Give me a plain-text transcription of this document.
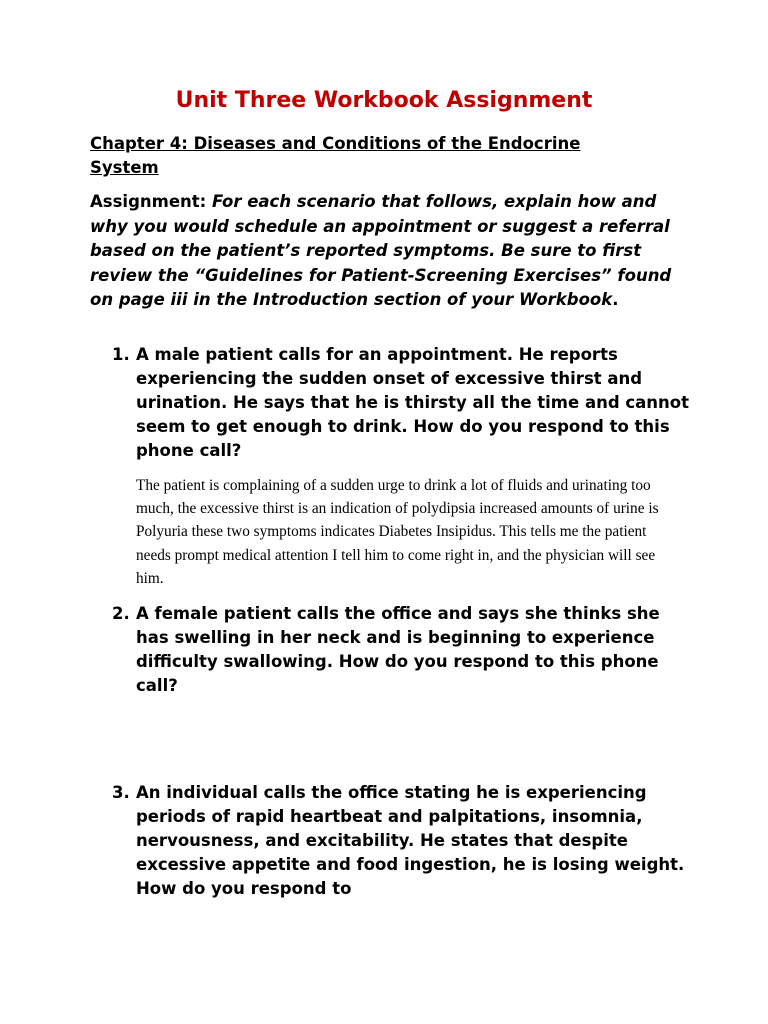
Unit Three Workbook Assignment

Chapter 4: Diseases and Conditions of the Endocrine System

Assignment: For each scenario that follows, explain how and why you would schedule an appointment or suggest a referral based on the patient’s reported symptoms. Be sure to first review the “Guidelines for Patient-Screening Exercises” found on page iii in the Introduction section of your Workbook.

1. A male patient calls for an appointment. He reports experiencing the sudden onset of excessive thirst and urination. He says that he is thirsty all the time and cannot seem to get enough to drink. How do you respond to this phone call?

The patient is complaining of a sudden urge to drink a lot of fluids and urinating too much, the excessive thirst is an indication of polydipsia increased amounts of urine is Polyuria these two symptoms indicates Diabetes Insipidus. This tells me the patient needs prompt medical attention I tell him to come right in, and the physician will see him.

2. A female patient calls the office and says she thinks she has swelling in her neck and is beginning to experience difficulty swallowing. How do you respond to this phone call?
3. An individual calls the office stating he is experiencing periods of rapid heartbeat and palpitations, insomnia, nervousness, and excitability. He states that despite excessive appetite and food ingestion, he is losing weight. How do you respond to
